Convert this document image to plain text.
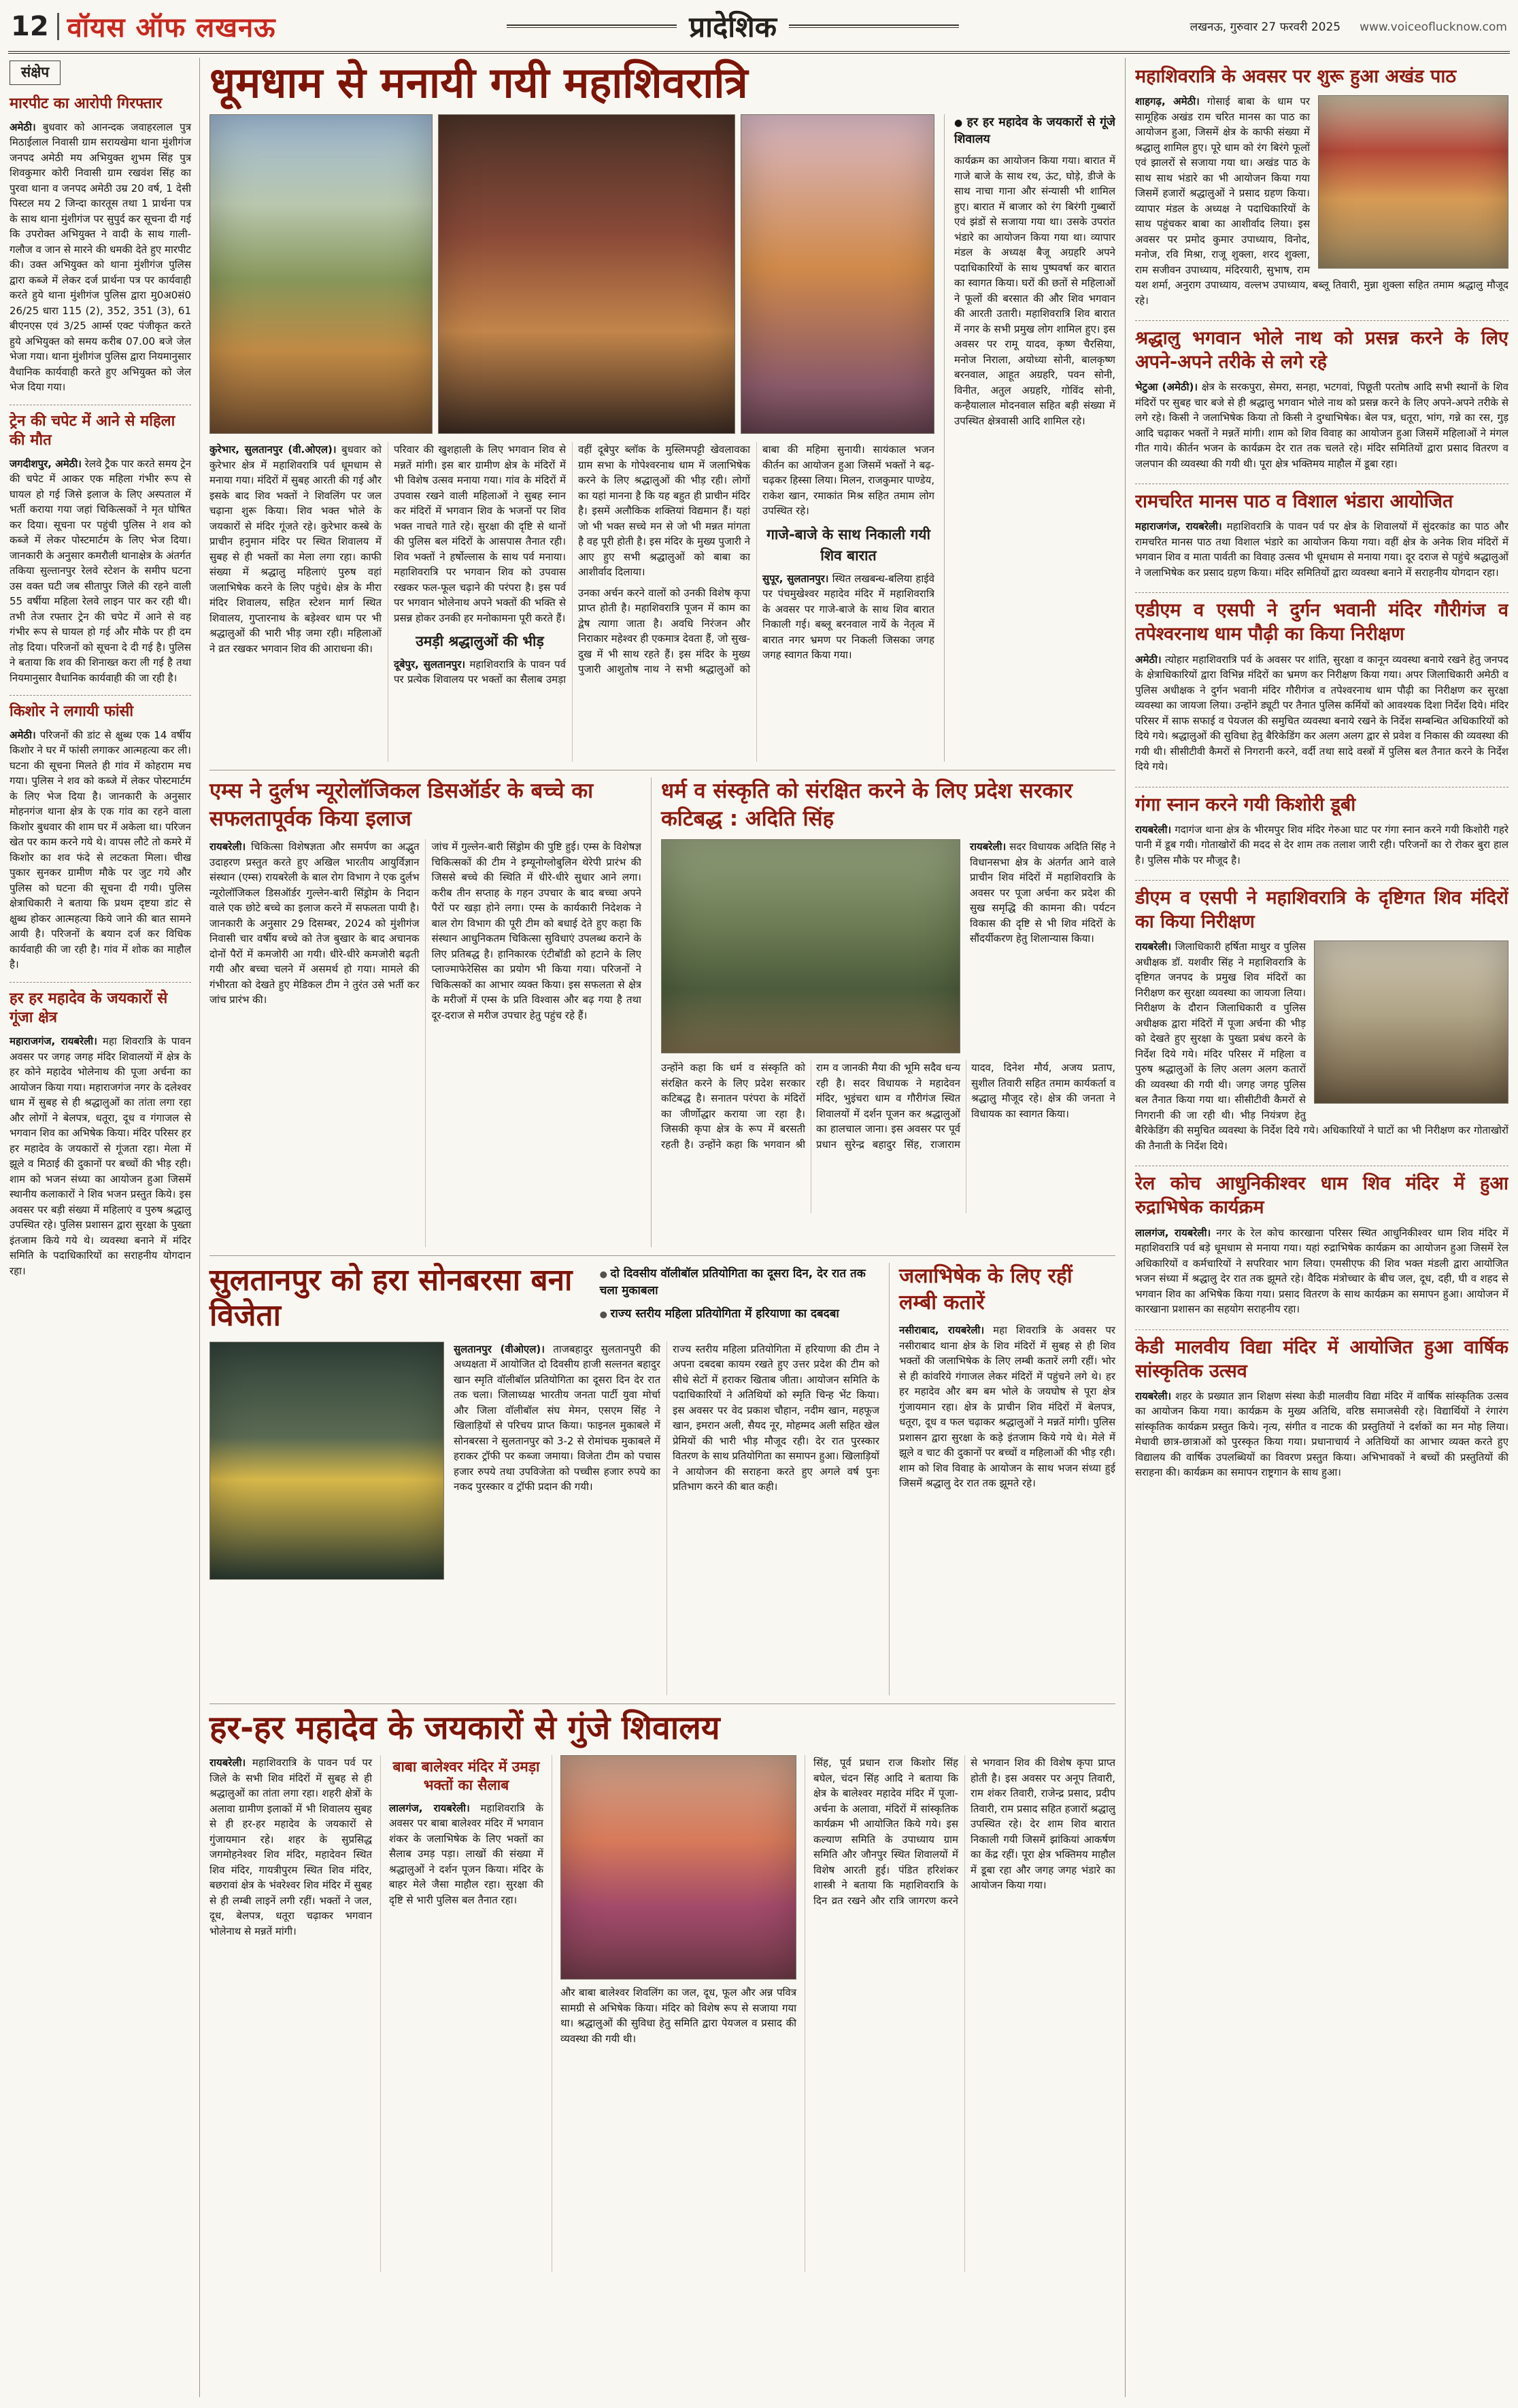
12 वॉयस ऑफ लखनऊ	प्रादेशिक	लखनऊ, गुरुवार 27 फरवरी 2025 www.voiceoflucknow.com
संक्षेप
मारपीट का आरोपी गिरफ्तार

अमेठी। बुधवार को आनन्दक जवाहरलाल पुत्र मिठाईलाल निवासी ग्राम सरायखेमा थाना मुंशीगंज जनपद अमेठी मय अभियुक्त शुभम सिंह पुत्र शिवकुमार कोरी निवासी ग्राम रखवंश सिंह का पुरवा थाना व जनपद अमेठी उम्र 20 वर्ष, 1 देसी पिस्टल मय 2 जिन्दा कारतूस तथा 1 प्रार्थना पत्र के साथ थाना मुंशीगंज पर सुपुर्द कर सूचना दी गई कि उपरोक्त अभियुक्त ने वादी के साथ गाली-गलौज व जान से मारने की धमकी देते हुए मारपीट की। उक्त अभियुक्त को थाना मुंशीगंज पुलिस द्वारा कब्जे में लेकर दर्ज प्रार्थना पत्र पर कार्यवाही करते हुये थाना मुंशीगंज पुलिस द्वारा मु0अ0सं0 26/25 धारा 115 (2), 352, 351 (3), 61 बीएनएस एवं 3/25 आर्म्स एक्ट पंजीकृत करते हुये अभियुक्त को समय करीब 07.00 बजे जेल भेजा गया। थाना मुंशीगंज पुलिस द्वारा नियमानुसार वैधानिक कार्यवाही करते हुए अभियुक्त को जेल भेज दिया गया।

ट्रेन की चपेट में आने से महिला की मौत

जगदीशपुर, अमेठी। रेलवे ट्रैक पार करते समय ट्रेन की चपेट में आकर एक महिला गंभीर रूप से घायल हो गई जिसे इलाज के लिए अस्पताल में भर्ती कराया गया जहां चिकित्सकों ने मृत घोषित कर दिया। सूचना पर पहुंची पुलिस ने शव को कब्जे में लेकर पोस्टमार्टम के लिए भेज दिया। जानकारी के अनुसार कमरौली थानाक्षेत्र के अंतर्गत तकिया सुल्तानपुर रेलवे स्टेशन के समीप घटना उस वक्त घटी जब सीतापुर जिले की रहने वाली 55 वर्षीया महिला रेलवे लाइन पार कर रही थी। तभी तेज रफ्तार ट्रेन की चपेट में आने से वह गंभीर रूप से घायल हो गई और मौके पर ही दम तोड़ दिया। परिजनों को सूचना दे दी गई है। पुलिस ने बताया कि शव की शिनाख्त करा ली गई है तथा नियमानुसार वैधानिक कार्यवाही की जा रही है।

किशोर ने लगायी फांसी

अमेठी। परिजनों की डांट से क्षुब्ध एक 14 वर्षीय किशोर ने घर में फांसी लगाकर आत्महत्या कर ली। घटना की सूचना मिलते ही गांव में कोहराम मच गया। पुलिस ने शव को कब्जे में लेकर पोस्टमार्टम के लिए भेज दिया है। जानकारी के अनुसार मोहनगंज थाना क्षेत्र के एक गांव का रहने वाला किशोर बुधवार की शाम घर में अकेला था। परिजन खेत पर काम करने गये थे। वापस लौटे तो कमरे में किशोर का शव फंदे से लटकता मिला। चीख पुकार सुनकर ग्रामीण मौके पर जुट गये और पुलिस को घटना की सूचना दी गयी। पुलिस क्षेत्राधिकारी ने बताया कि प्रथम दृष्टया डांट से क्षुब्ध होकर आत्महत्या किये जाने की बात सामने आयी है। परिजनों के बयान दर्ज कर विधिक कार्यवाही की जा रही है। गांव में शोक का माहौल है।

हर हर महादेव के जयकारों से गूंजा क्षेत्र

महाराजगंज, रायबरेली। महा शिवरात्रि के पावन अवसर पर जगह जगह मंदिर शिवालयों में क्षेत्र के हर कोने महादेव भोलेनाथ की पूजा अर्चना का आयोजन किया गया। महाराजगंज नगर के दलेश्वर धाम में सुबह से ही श्रद्धालुओं का तांता लगा रहा और लोगों ने बेलपत्र, धतूरा, दूध व गंगाजल से भगवान शिव का अभिषेक किया। मंदिर परिसर हर हर महादेव के जयकारों से गूंजता रहा। मेला में झूले व मिठाई की दुकानों पर बच्चों की भीड़ रही। शाम को भजन संध्या का आयोजन हुआ जिसमें स्थानीय कलाकारों ने शिव भजन प्रस्तुत किये। इस अवसर पर बड़ी संख्या में महिलाएं व पुरुष श्रद्धालु उपस्थित रहे। पुलिस प्रशासन द्वारा सुरक्षा के पुख्ता इंतजाम किये गये थे। व्यवस्था बनाने में मंदिर समिति के पदाधिकारियों का सराहनीय योगदान रहा।

धूमधाम से मनायी गयी महाशिवरात्रि

कुरेभार, सुलतानपुर (वी.ओएल)। बुधवार को कुरेभार क्षेत्र में महाशिवरात्रि पर्व धूमधाम से मनाया गया। मंदिरों में सुबह आरती की गई और इसके बाद शिव भक्तों ने शिवलिंग पर जल चढ़ाना शुरू किया। शिव भक्त भोले के जयकारों से मंदिर गूंजते रहे। कुरेभार कस्बे के प्राचीन हनुमान मंदिर पर स्थित शिवालय में सुबह से ही भक्तों का मेला लगा रहा। काफी संख्या में श्रद्धालु महिलाएं पुरुष वहां जलाभिषेक करने के लिए पहुंचे। क्षेत्र के मीरा मंदिर शिवालय, सहित स्टेशन मार्ग स्थित शिवालय, गुप्तारनाथ के बड़ेश्वर धाम पर भी श्रद्धालुओं की भारी भीड़ जमा रही। महिलाओं ने व्रत रखकर भगवान शिव की आराधना की।

परिवार की खुशहाली के लिए भगवान शिव से मन्नतें मांगी। इस बार ग्रामीण क्षेत्र के मंदिरों में भी विशेष उत्सव मनाया गया। गांव के मंदिरों में उपवास रखने वाली महिलाओं ने सुबह स्नान कर मंदिरों में भगवान शिव के भजनों पर शिव भक्त नाचते गाते रहे। सुरक्षा की दृष्टि से थानों की पुलिस बल मंदिरों के आसपास तैनात रही। शिव भक्तों ने हर्षोल्लास के साथ पर्व मनाया। महाशिवरात्रि पर भगवान शिव को उपवास रखकर फल-फूल चढ़ाने की परंपरा है। इस पर्व पर भगवान भोलेनाथ अपने भक्तों की भक्ति से प्रसन्न होकर उनकी हर मनोकामना पूरी करते हैं।

उमड़ी श्रद्धालुओं की भीड़

दूबेपुर, सुलतानपुर। महाशिवरात्रि के पावन पर्व पर प्रत्येक शिवालय पर भक्तों का सैलाब उमड़ा वहीं दूबेपुर ब्लॉक के मुस्लिमपट्टी खेवलावका ग्राम सभा के गोपेश्वरनाथ धाम में जलाभिषेक करने के लिए श्रद्धालुओं की भीड़ रही। लोगों का यहां मानना है कि यह बहुत ही प्राचीन मंदिर है। इसमें अलौकिक शक्तियां विद्यमान हैं। यहां जो भी भक्त सच्चे मन से जो भी मन्नत मांगता है वह पूरी होती है। इस मंदिर के मुख्य पुजारी ने आए हुए सभी श्रद्धालुओं को बाबा का आशीर्वाद दिलाया।

उनका अर्चन करने वालों को उनकी विशेष कृपा प्राप्त होती है। महाशिवरात्रि पूजन में काम का द्वेष त्यागा जाता है। अवधि निरंजन और निराकार महेश्वर ही एकमात्र देवता हैं, जो सुख-दुख में भी साथ रहते हैं। इस मंदिर के मुख्य पुजारी आशुतोष नाथ ने सभी श्रद्धालुओं को बाबा की महिमा सुनायी। सायंकाल भजन कीर्तन का आयोजन हुआ जिसमें भक्तों ने बढ़-चढ़कर हिस्सा लिया। मिलन, राजकुमार पाण्डेय, राकेश खान, रमाकांत मिश्र सहित तमाम लोग उपस्थित रहे।

गाजे-बाजे के साथ निकाली गयी शिव बारात

सुपूर, सुलतानपुर। स्थित लखबन्ध-बलिया हाईवे पर पंचमुखेश्वर महादेव मंदिर में महाशिवरात्रि के अवसर पर गाजे-बाजे के साथ शिव बारात निकाली गई। बब्लू बरनवाल नायें के नेतृत्व में बारात नगर भ्रमण पर निकली जिसका जगह जगह स्वागत किया गया।

● हर हर महादेव के जयकारों से गूंजे शिवालय

कार्यक्रम का आयोजन किया गया। बारात में गाजे बाजे के साथ रथ, ऊंट, घोड़े, डीजे के साथ नाचा गाना और संन्यासी भी शामिल हुए। बारात में बाजार को रंग बिरंगी गुब्बारों एवं झंडों से सजाया गया था। उसके उपरांत भंडारे का आयोजन किया गया था। व्यापार मंडल के अध्यक्ष बैजू अग्रहरि अपने पदाधिकारियों के साथ पुष्पवर्षा कर बारात का स्वागत किया। घरों की छतों से महिलाओं ने फूलों की बरसात की और शिव भगवान की आरती उतारी। महाशिवरात्रि शिव बारात में नगर के सभी प्रमुख लोग शामिल हुए। इस अवसर पर रामू यादव, कृष्ण चैरसिया, मनोज निराला, अयोध्या सोनी, बालकृष्ण बरनवाल, आहूत अग्रहरि, पवन सोनी, विनीत, अतुल अग्रहरि, गोविंद सोनी, कन्हैयालाल मोदनवाल सहित बड़ी संख्या में उपस्थित क्षेत्रवासी आदि शामिल रहे।

एम्स ने दुर्लभ न्यूरोलॉजिकल डिसऑर्डर के बच्चे का सफलतापूर्वक किया इलाज

रायबरेली। चिकित्सा विशेषज्ञता और समर्पण का अद्भुत उदाहरण प्रस्तुत करते हुए अखिल भारतीय आयुर्विज्ञान संस्थान (एम्स) रायबरेली के बाल रोग विभाग ने एक दुर्लभ न्यूरोलॉजिकल डिसऑर्डर गुल्लेन-बारी सिंड्रोम के निदान वाले एक छोटे बच्चे का इलाज करने में सफलता पायी है। जानकारी के अनुसार 29 दिसम्बर, 2024 को मुंशीगंज निवासी चार वर्षीय बच्चे को तेज बुखार के बाद अचानक दोनों पैरों में कमजोरी आ गयी। धीरे-धीरे कमजोरी बढ़ती गयी और बच्चा चलने में असमर्थ हो गया। मामले की गंभीरता को देखते हुए मेडिकल टीम ने तुरंत उसे भर्ती कर जांच प्रारंभ की।

जांच में गुल्लेन-बारी सिंड्रोम की पुष्टि हुई। एम्स के विशेषज्ञ चिकित्सकों की टीम ने इम्यूनोग्लोबुलिन थेरेपी प्रारंभ की जिससे बच्चे की स्थिति में धीरे-धीरे सुधार आने लगा। करीब तीन सप्ताह के गहन उपचार के बाद बच्चा अपने पैरों पर खड़ा होने लगा। एम्स के कार्यकारी निदेशक ने बाल रोग विभाग की पूरी टीम को बधाई देते हुए कहा कि संस्थान आधुनिकतम चिकित्सा सुविधाएं उपलब्ध कराने के लिए प्रतिबद्ध है। हानिकारक एंटीबॉडी को हटाने के लिए प्लाज्माफेरेसिस का प्रयोग भी किया गया। परिजनों ने चिकित्सकों का आभार व्यक्त किया। इस सफलता से क्षेत्र के मरीजों में एम्स के प्रति विश्वास और बढ़ गया है तथा दूर-दराज से मरीज उपचार हेतु पहुंच रहे हैं।

धर्म व संस्कृति को संरक्षित करने के लिए प्रदेश सरकार कटिबद्ध : अदिति सिंह

रायबरेली। सदर विधायक अदिति सिंह ने विधानसभा क्षेत्र के अंतर्गत आने वाले प्राचीन शिव मंदिरों में महाशिवरात्रि के अवसर पर पूजा अर्चना कर प्रदेश की सुख समृद्धि की कामना की। पर्यटन विकास की दृष्टि से भी शिव मंदिरों के सौंदर्यीकरण हेतु शिलान्यास किया।

उन्होंने कहा कि धर्म व संस्कृति को संरक्षित करने के लिए प्रदेश सरकार कटिबद्ध है। सनातन परंपरा के मंदिरों का जीर्णोद्धार कराया जा रहा है। जिसकी कृपा क्षेत्र के रूप में बरसती रहती है। उन्होंने कहा कि भगवान श्री राम व जानकी मैया की भूमि सदैव धन्य रही है। सदर विधायक ने महादेवन मंदिर, भुइंचरा धाम व गौरीगंज स्थित शिवालयों में दर्शन पूजन कर श्रद्धालुओं का हालचाल जाना। इस अवसर पर पूर्व प्रधान सुरेन्द्र बहादुर सिंह, राजाराम यादव, दिनेश मौर्य, अजय प्रताप, सुशील तिवारी सहित तमाम कार्यकर्ता व श्रद्धालु मौजूद रहे। क्षेत्र की जनता ने विधायक का स्वागत किया।

सुलतानपुर को हरा सोनबरसा बना विजेता
● दो दिवसीय वॉलीबॉल प्रतियोगिता का दूसरा दिन, देर रात तक चला मुकाबला
● राज्य स्तरीय महिला प्रतियोगिता में हरियाणा का दबदबा

सुलतानपुर (वीओएल)। ताजबहादुर सुलतानपुरी की अध्यक्षता में आयोजित दो दिवसीय हाजी सल्तनत बहादुर खान स्मृति वॉलीबॉल प्रतियोगिता का दूसरा दिन देर रात तक चला। जिलाध्यक्ष भारतीय जनता पार्टी युवा मोर्चा और जिला वॉलीबॉल संघ मेमन, एसएम सिंह ने खिलाड़ियों से परिचय प्राप्त किया। फाइनल मुकाबले में सोनबरसा ने सुलतानपुर को 3-2 से रोमांचक मुकाबले में हराकर ट्रॉफी पर कब्जा जमाया। विजेता टीम को पचास हजार रुपये तथा उपविजेता को पच्चीस हजार रुपये का नकद पुरस्कार व ट्रॉफी प्रदान की गयी।

राज्य स्तरीय महिला प्रतियोगिता में हरियाणा की टीम ने अपना दबदबा कायम रखते हुए उत्तर प्रदेश की टीम को सीधे सेटों में हराकर खिताब जीता। आयोजन समिति के पदाधिकारियों ने अतिथियों को स्मृति चिन्ह भेंट किया। इस अवसर पर वेद प्रकाश चौहान, नदीम खान, महफूज खान, इमरान अली, सैयद नूर, मोहम्मद अली सहित खेल प्रेमियों की भारी भीड़ मौजूद रही। देर रात पुरस्कार वितरण के साथ प्रतियोगिता का समापन हुआ। खिलाड़ियों ने आयोजन की सराहना करते हुए अगले वर्ष पुनः प्रतिभाग करने की बात कही।

जलाभिषेक के लिए रहीं लम्बी कतारें

नसीराबाद, रायबरेली। महा शिवरात्रि के अवसर पर नसीराबाद थाना क्षेत्र के शिव मंदिरों में सुबह से ही शिव भक्तों की जलाभिषेक के लिए लम्बी कतारें लगी रहीं। भोर से ही कांवरिये गंगाजल लेकर मंदिरों में पहुंचने लगे थे। हर हर महादेव और बम बम भोले के जयघोष से पूरा क्षेत्र गुंजायमान रहा। क्षेत्र के प्राचीन शिव मंदिरों में बेलपत्र, धतूरा, दूध व फल चढ़ाकर श्रद्धालुओं ने मन्नतें मांगी। पुलिस प्रशासन द्वारा सुरक्षा के कड़े इंतजाम किये गये थे। मेले में झूले व चाट की दुकानों पर बच्चों व महिलाओं की भीड़ रही। शाम को शिव विवाह के आयोजन के साथ भजन संध्या हुई जिसमें श्रद्धालु देर रात तक झूमते रहे।

हर-हर महादेव के जयकारों से गुंजे शिवालय

रायबरेली। महाशिवरात्रि के पावन पर्व पर जिले के सभी शिव मंदिरों में सुबह से ही श्रद्धालुओं का तांता लगा रहा। शहरी क्षेत्रों के अलावा ग्रामीण इलाकों में भी शिवालय सुबह से ही हर-हर महादेव के जयकारों से गुंजायमान रहे। शहर के सुप्रसिद्ध जगमोहनेश्वर शिव मंदिर, महादेवन स्थित शिव मंदिर, गायत्रीपुरम स्थित शिव मंदिर, बछरावां क्षेत्र के भंवरेश्वर शिव मंदिर में सुबह से ही लम्बी लाइनें लगी रहीं। भक्तों ने जल, दूध, बेलपत्र, धतूरा चढ़ाकर भगवान भोलेनाथ से मन्नतें मांगी।

बाबा बालेश्वर मंदिर में उमड़ा भक्तों का सैलाब

लालगंज, रायबरेली। महाशिवरात्रि के अवसर पर बाबा बालेश्वर मंदिर में भगवान शंकर के जलाभिषेक के लिए भक्तों का सैलाब उमड़ पड़ा। लाखों की संख्या में श्रद्धालुओं ने दर्शन पूजन किया। मंदिर के बाहर मेले जैसा माहौल रहा। सुरक्षा की दृष्टि से भारी पुलिस बल तैनात रहा।

और बाबा बालेश्वर शिवलिंग का जल, दूध, फूल और अन्न पवित्र सामग्री से अभिषेक किया। मंदिर को विशेष रूप से सजाया गया था। श्रद्धालुओं की सुविधा हेतु समिति द्वारा पेयजल व प्रसाद की व्यवस्था की गयी थी।

सिंह, पूर्व प्रधान राज किशोर सिंह बघेल, चंदन सिंह आदि ने बताया कि क्षेत्र के बालेश्वर महादेव मंदिर में पूजा-अर्चना के अलावा, मंदिरों में सांस्कृतिक कार्यक्रम भी आयोजित किये गये। इस कल्याण समिति के उपाध्याय ग्राम समिति और जौनपुर स्थित शिवालयों में विशेष आरती हुई। पंडित हरिशंकर शास्त्री ने बताया कि महाशिवरात्रि के दिन व्रत रखने और रात्रि जागरण करने से भगवान शिव की विशेष कृपा प्राप्त होती है। इस अवसर पर अनूप तिवारी, राम शंकर तिवारी, राजेन्द्र प्रसाद, प्रदीप तिवारी, राम प्रसाद सहित हजारों श्रद्धालु उपस्थित रहे। देर शाम शिव बारात निकाली गयी जिसमें झांकियां आकर्षण का केंद्र रहीं। पूरा क्षेत्र भक्तिमय माहौल में डूबा रहा और जगह जगह भंडारे का आयोजन किया गया।

महाशिवरात्रि के अवसर पर शुरू हुआ अखंड पाठ

शाहगढ़, अमेठी। गोसाई बाबा के धाम पर सामूहिक अखंड राम चरित मानस का पाठ का आयोजन हुआ, जिसमें क्षेत्र के काफी संख्या में श्रद्धालु शामिल हुए। पूरे धाम को रंग बिरंगे फूलों एवं झालरों से सजाया गया था। अखंड पाठ के साथ साथ भंडारे का भी आयोजन किया गया जिसमें हजारों श्रद्धालुओं ने प्रसाद ग्रहण किया। व्यापार मंडल के अध्यक्ष ने पदाधिकारियों के साथ पहुंचकर बाबा का आशीर्वाद लिया। इस अवसर पर प्रमोद कुमार उपाध्याय, विनोद, मनोज, रवि मिश्रा, राजू शुक्ला, शरद शुक्ला, राम सजीवन उपाध्याय, मंदिरयारी, सुभाष, राम यश शर्मा, अनुराग उपाध्याय, वल्लभ उपाध्याय, बब्लू तिवारी, मुन्ना शुक्ला सहित तमाम श्रद्धालु मौजूद रहे।

श्रद्धालु भगवान भोले नाथ को प्रसन्न करने के लिए अपने-अपने तरीके से लगे रहे

भेटुआ (अमेठी)। क्षेत्र के सरकपुरा, सेमरा, सनहा, भटगवां, पिछूती परतोष आदि सभी स्थानों के शिव मंदिरों पर सुबह चार बजे से ही श्रद्धालु भगवान भोले नाथ को प्रसन्न करने के लिए अपने-अपने तरीके से लगे रहे। किसी ने जलाभिषेक किया तो किसी ने दुग्धाभिषेक। बेल पत्र, धतूरा, भांग, गन्ने का रस, गुड़ आदि चढ़ाकर भक्तों ने मन्नतें मांगी। शाम को शिव विवाह का आयोजन हुआ जिसमें महिलाओं ने मंगल गीत गाये। कीर्तन भजन के कार्यक्रम देर रात तक चलते रहे। मंदिर समितियों द्वारा प्रसाद वितरण व जलपान की व्यवस्था की गयी थी। पूरा क्षेत्र भक्तिमय माहौल में डूबा रहा।

रामचरित मानस पाठ व विशाल भंडारा आयोजित

महाराजगंज, रायबरेली। महाशिवरात्रि के पावन पर्व पर क्षेत्र के शिवालयों में सुंदरकांड का पाठ और रामचरित मानस पाठ तथा विशाल भंडारे का आयोजन किया गया। वहीं क्षेत्र के अनेक शिव मंदिरों में भगवान शिव व माता पार्वती का विवाह उत्सव भी धूमधाम से मनाया गया। दूर दराज से पहुंचे श्रद्धालुओं ने जलाभिषेक कर प्रसाद ग्रहण किया। मंदिर समितियों द्वारा व्यवस्था बनाने में सराहनीय योगदान रहा।

एडीएम व एसपी ने दुर्गन भवानी मंदिर गौरीगंज व तपेश्वरनाथ धाम पौढ़ी का किया निरीक्षण

अमेठी। त्योहार महाशिवरात्रि पर्व के अवसर पर शांति, सुरक्षा व कानून व्यवस्था बनाये रखने हेतु जनपद के क्षेत्राधिकारियों द्वारा विभिन्न मंदिरों का भ्रमण कर निरीक्षण किया गया। अपर जिलाधिकारी अमेठी व पुलिस अधीक्षक ने दुर्गन भवानी मंदिर गौरीगंज व तपेश्वरनाथ धाम पौढ़ी का निरीक्षण कर सुरक्षा व्यवस्था का जायजा लिया। उन्होंने ड्यूटी पर तैनात पुलिस कर्मियों को आवश्यक दिशा निर्देश दिये। मंदिर परिसर में साफ सफाई व पेयजल की समुचित व्यवस्था बनाये रखने के निर्देश सम्बन्धित अधिकारियों को दिये गये। श्रद्धालुओं की सुविधा हेतु बैरिकेडिंग कर अलग अलग द्वार से प्रवेश व निकास की व्यवस्था की गयी थी। सीसीटीवी कैमरों से निगरानी करने, वर्दी तथा सादे वस्त्रों में पुलिस बल तैनात करने के निर्देश दिये गये।

गंगा स्नान करने गयी किशोरी डूबी

रायबरेली। गदागंज थाना क्षेत्र के भीरमपुर शिव मंदिर गेरुआ घाट पर गंगा स्नान करने गयी किशोरी गहरे पानी में डूब गयी। गोताखोरों की मदद से देर शाम तक तलाश जारी रही। परिजनों का रो रोकर बुरा हाल है। पुलिस मौके पर मौजूद है।

डीएम व एसपी ने महाशिवरात्रि के दृष्टिगत शिव मंदिरों का किया निरीक्षण

रायबरेली। जिलाधिकारी हर्षिता माथुर व पुलिस अधीक्षक डॉ. यशवीर सिंह ने महाशिवरात्रि के दृष्टिगत जनपद के प्रमुख शिव मंदिरों का निरीक्षण कर सुरक्षा व्यवस्था का जायजा लिया। निरीक्षण के दौरान जिलाधिकारी व पुलिस अधीक्षक द्वारा मंदिरों में पूजा अर्चना की भीड़ को देखते हुए सुरक्षा के पुख्ता प्रबंध करने के निर्देश दिये गये। मंदिर परिसर में महिला व पुरुष श्रद्धालुओं के लिए अलग अलग कतारों की व्यवस्था की गयी थी। जगह जगह पुलिस बल तैनात किया गया था। सीसीटीवी कैमरों से निगरानी की जा रही थी। भीड़ नियंत्रण हेतु बैरिकेडिंग की समुचित व्यवस्था के निर्देश दिये गये। अधिकारियों ने घाटों का भी निरीक्षण कर गोताखोरों की तैनाती के निर्देश दिये।

रेल कोच आधुनिकीश्वर धाम शिव मंदिर में हुआ रुद्राभिषेक कार्यक्रम

लालगंज, रायबरेली। नगर के रेल कोच कारखाना परिसर स्थित आधुनिकीश्वर धाम शिव मंदिर में महाशिवरात्रि पर्व बड़े धूमधाम से मनाया गया। यहां रुद्राभिषेक कार्यक्रम का आयोजन हुआ जिसमें रेल अधिकारियों व कर्मचारियों ने सपरिवार भाग लिया। एमसीएफ की शिव भक्त मंडली द्वारा आयोजित भजन संध्या में श्रद्धालु देर रात तक झूमते रहे। वैदिक मंत्रोच्चार के बीच जल, दूध, दही, घी व शहद से भगवान शिव का अभिषेक किया गया। प्रसाद वितरण के साथ कार्यक्रम का समापन हुआ। आयोजन में कारखाना प्रशासन का सहयोग सराहनीय रहा।

केडी मालवीय विद्या मंदिर में आयोजित हुआ वार्षिक सांस्कृतिक उत्सव

रायबरेली। शहर के प्रख्यात ज्ञान शिक्षण संस्था केडी मालवीय विद्या मंदिर में वार्षिक सांस्कृतिक उत्सव का आयोजन किया गया। कार्यक्रम के मुख्य अतिथि, वरिष्ठ समाजसेवी रहे। विद्यार्थियों ने रंगारंग सांस्कृतिक कार्यक्रम प्रस्तुत किये। नृत्य, संगीत व नाटक की प्रस्तुतियों ने दर्शकों का मन मोह लिया। मेधावी छात्र-छात्राओं को पुरस्कृत किया गया। प्रधानाचार्य ने अतिथियों का आभार व्यक्त करते हुए विद्यालय की वार्षिक उपलब्धियों का विवरण प्रस्तुत किया। अभिभावकों ने बच्चों की प्रस्तुतियों की सराहना की। कार्यक्रम का समापन राष्ट्रगान के साथ हुआ।
